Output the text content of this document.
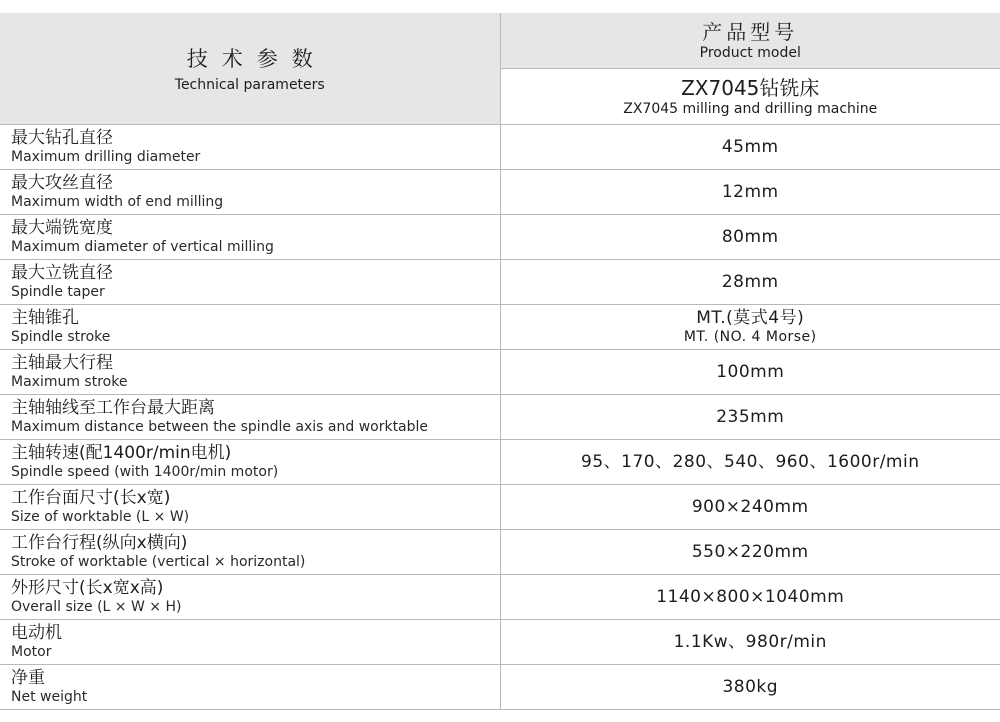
技术参数
Technical parameters	产品型号
Product model

	ZX7045钻铣床
ZX7045 milling and drilling machine

最大钻孔直径
Maximum drilling diameter	45mm

最大攻丝直径
Maximum width of end milling	12mm

最大端铣宽度
Maximum diameter of vertical milling	80mm

最大立铣直径
Spindle taper	28mm

主轴锥孔
Spindle stroke	MT.(莫式4号)
MT. (NO. 4 Morse)

主轴最大行程
Maximum stroke	100mm

主轴轴线至工作台最大距离
Maximum distance between the spindle axis and worktable	235mm

主轴转速(配1400r/min电机)
Spindle speed (with 1400r/min motor)	95、170、280、540、960、1600r/min

工作台面尺寸(长x宽)
Size of worktable (L × W)	900×240mm

工作台行程(纵向x横向)
Stroke of worktable (vertical × horizontal)	550×220mm

外形尺寸(长x宽x高)
Overall size (L × W × H)	1140×800×1040mm

电动机
Motor	1.1Kw、980r/min

净重
Net weight	380kg
